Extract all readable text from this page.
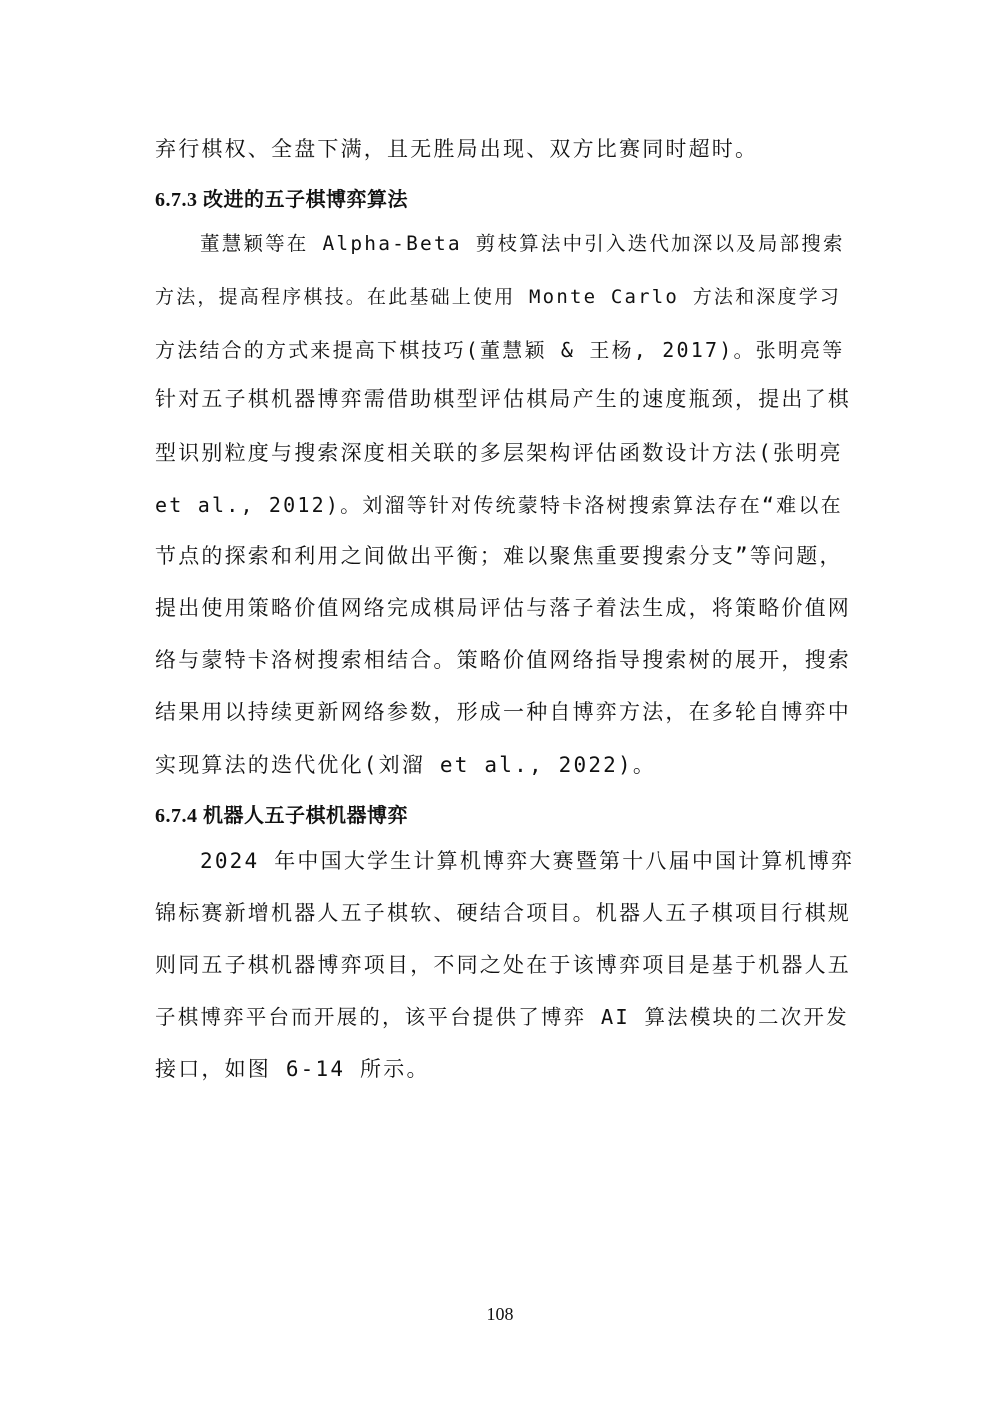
弃行棋权、全盘下满，且无胜局出现、双方比赛同时超时。
6.7.3 改进的五子棋博弈算法
董慧颖等在 Alpha-Beta 剪枝算法中引入迭代加深以及局部搜索
方法，提高程序棋技。在此基础上使用 Monte Carlo 方法和深度学习
方法结合的方式来提高下棋技巧(董慧颖 & 王杨, 2017)。张明亮等
针对五子棋机器博弈需借助棋型评估棋局产生的速度瓶颈，提出了棋
型识别粒度与搜索深度相关联的多层架构评估函数设计方法(张明亮
et al., 2012)。刘溜等针对传统蒙特卡洛树搜索算法存在“难以在
节点的探索和利用之间做出平衡；难以聚焦重要搜索分支”等问题，
提出使用策略价值网络完成棋局评估与落子着法生成，将策略价值网
络与蒙特卡洛树搜索相结合。策略价值网络指导搜索树的展开，搜索
结果用以持续更新网络参数，形成一种自博弈方法，在多轮自博弈中
实现算法的迭代优化(刘溜 et al., 2022)。
6.7.4 机器人五子棋机器博弈
2024 年中国大学生计算机博弈大赛暨第十八届中国计算机博弈
锦标赛新增机器人五子棋软、硬结合项目。机器人五子棋项目行棋规
则同五子棋机器博弈项目，不同之处在于该博弈项目是基于机器人五
子棋博弈平台而开展的，该平台提供了博弈 AI 算法模块的二次开发
接口，如图 6-14 所示。
108
